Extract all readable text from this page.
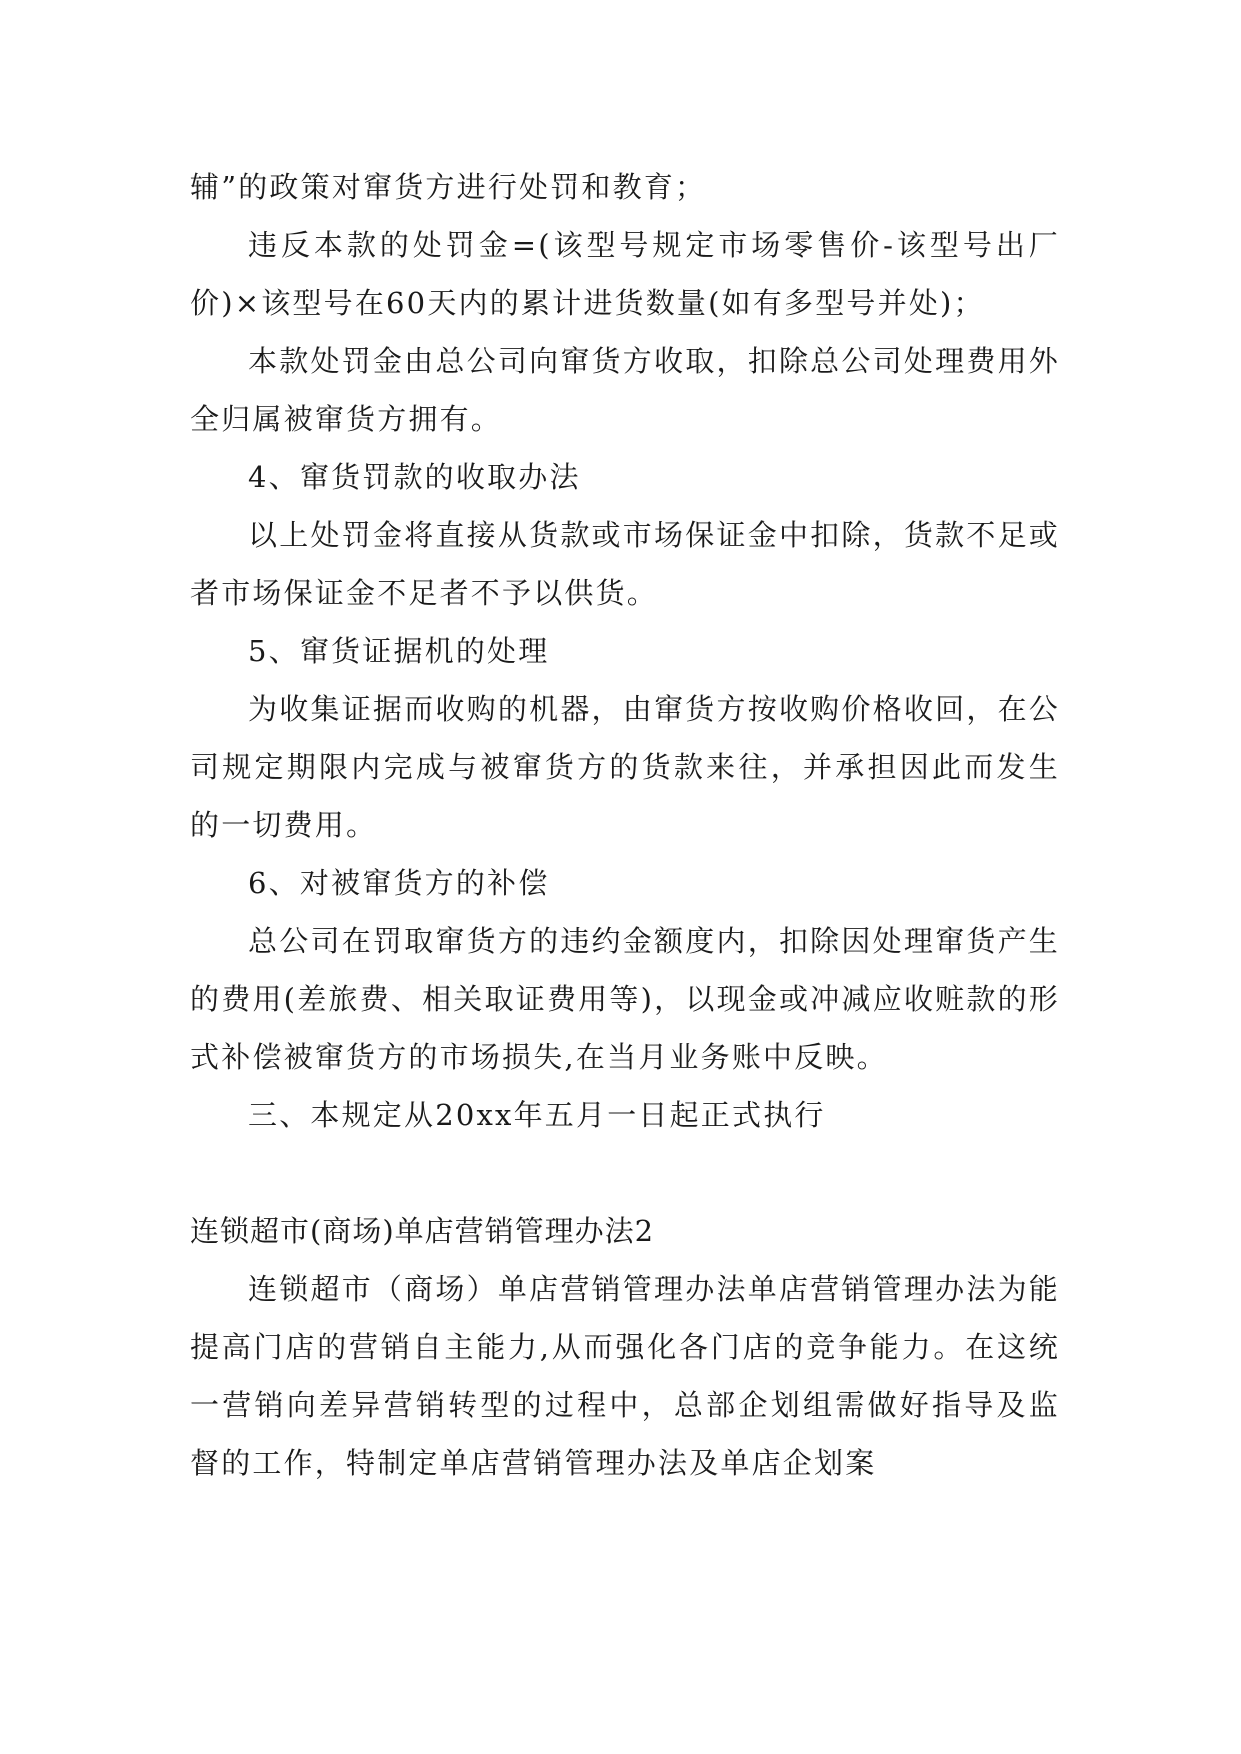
辅”的政策对窜货方进行处罚和教育；

违反本款的处罚金=(该型号规定市场零售价-该型号出厂价)×该型号在60天内的累计进货数量(如有多型号并处)；

本款处罚金由总公司向窜货方收取，扣除总公司处理费用外全归属被窜货方拥有。

4、窜货罚款的收取办法

以上处罚金将直接从货款或市场保证金中扣除，货款不足或者市场保证金不足者不予以供货。

5、窜货证据机的处理

为收集证据而收购的机器，由窜货方按收购价格收回，在公司规定期限内完成与被窜货方的货款来往，并承担因此而发生的一切费用。

6、对被窜货方的补偿

总公司在罚取窜货方的违约金额度内，扣除因处理窜货产生的费用(差旅费、相关取证费用等)，以现金或冲减应收赃款的形式补偿被窜货方的市场损失,在当月业务账中反映。

三、本规定从20xx年五月一日起正式执行

连锁超市(商场)单店营销管理办法2

连锁超市（商场）单店营销管理办法单店营销管理办法为能提高门店的营销自主能力,从而强化各门店的竞争能力。在这统一营销向差异营销转型的过程中，总部企划组需做好指导及监督的工作，特制定单店营销管理办法及单店企划案
